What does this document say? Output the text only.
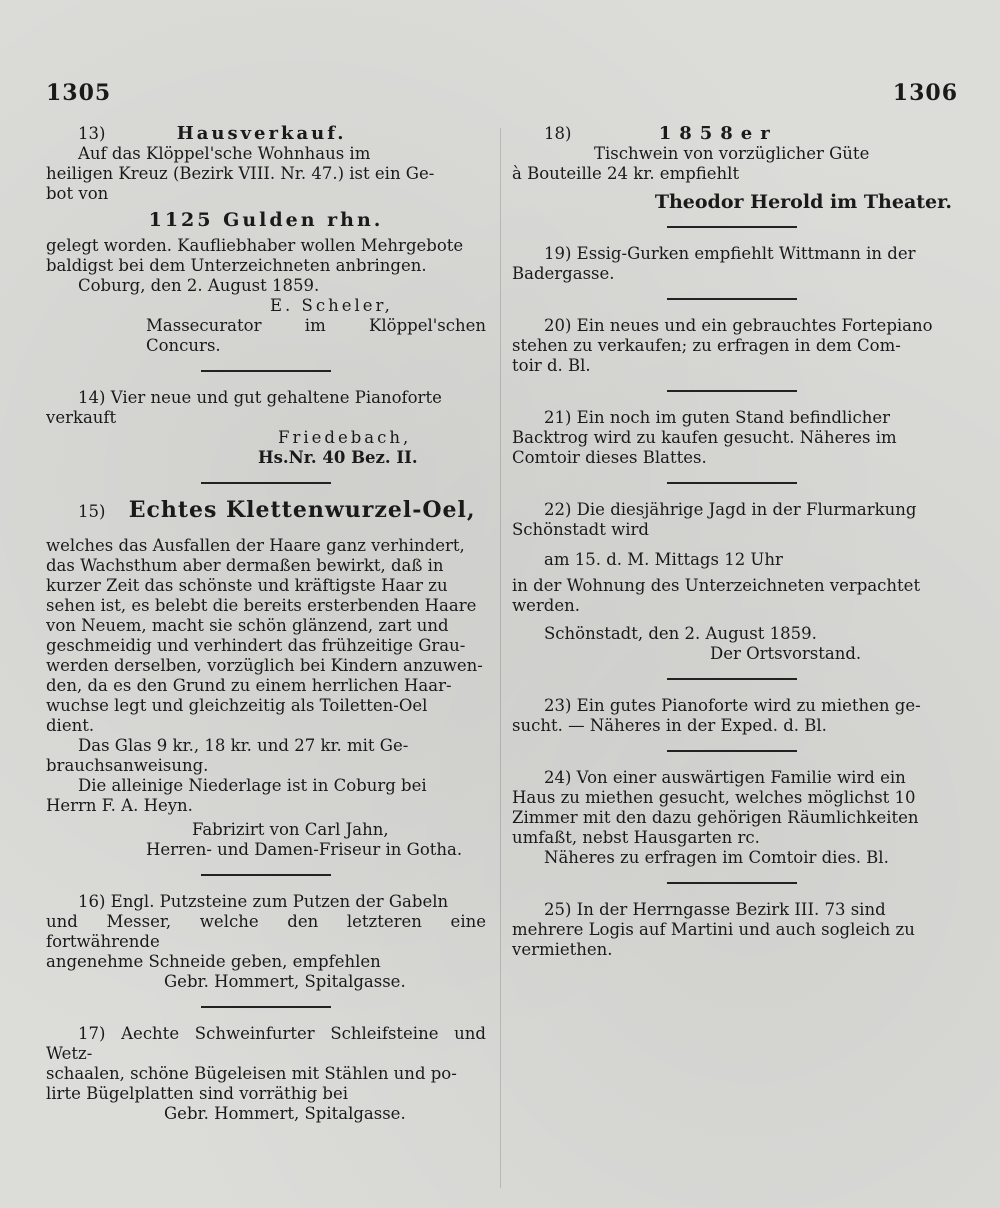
1305	1306

13)	Hausverkauf.

Auf das Klöppel'sche Wohnhaus im

heiligen Kreuz (Bezirk VIII. Nr. 47.) ist ein Ge-

bot von

1125 Gulden rhn.

gelegt worden. Kaufliebhaber wollen Mehrgebote

baldigst bei dem Unterzeichneten anbringen.

Coburg, den 2. August 1859.

E. Scheler,

Massecurator im Klöppel'schen Concurs.

14) Vier neue und gut gehaltene Pianoforte

verkauft

Friedebach,

Hs.Nr. 40 Bez. II.

15) Echtes Klettenwurzel-Oel,

welches das Ausfallen der Haare ganz verhindert,

das Wachsthum aber dermaßen bewirkt, daß in

kurzer Zeit das schönste und kräftigste Haar zu

sehen ist, es belebt die bereits ersterbenden Haare

von Neuem, macht sie schön glänzend, zart und

geschmeidig und verhindert das frühzeitige Grau-

werden derselben, vorzüglich bei Kindern anzuwen-

den, da es den Grund zu einem herrlichen Haar-

wuchse legt und gleichzeitig als Toiletten-Oel

dient.

Das Glas 9 kr., 18 kr. und 27 kr. mit Ge-

brauchsanweisung.

Die alleinige Niederlage ist in Coburg bei

Herrn F. A. Heyn.

Fabrizirt von Carl Jahn,

Herren- und Damen-Friseur in Gotha.

16) Engl. Putzsteine zum Putzen der Gabeln

und Messer, welche den letzteren eine fortwährende

angenehme Schneide geben, empfehlen

Gebr. Hommert, Spitalgasse.

17) Aechte Schweinfurter Schleifsteine und Wetz-

schaalen, schöne Bügeleisen mit Stählen und po-

lirte Bügelplatten sind vorräthig bei

Gebr. Hommert, Spitalgasse.

18)	1858er

Tischwein von vorzüglicher Güte

à Bouteille 24 kr. empfiehlt

Theodor Herold im Theater.

19) Essig-Gurken empfiehlt Wittmann in der

Badergasse.

20) Ein neues und ein gebrauchtes Fortepiano

stehen zu verkaufen; zu erfragen in dem Com-

toir d. Bl.

21) Ein noch im guten Stand befindlicher

Backtrog wird zu kaufen gesucht. Näheres im

Comtoir dieses Blattes.

22) Die diesjährige Jagd in der Flurmarkung

Schönstadt wird

am 15. d. M. Mittags 12 Uhr

in der Wohnung des Unterzeichneten verpachtet

werden.

Schönstadt, den 2. August 1859.

Der Ortsvorstand.

23) Ein gutes Pianoforte wird zu miethen ge-

sucht. — Näheres in der Exped. d. Bl.

24) Von einer auswärtigen Familie wird ein

Haus zu miethen gesucht, welches möglichst 10

Zimmer mit den dazu gehörigen Räumlichkeiten

umfaßt, nebst Hausgarten rc.

Näheres zu erfragen im Comtoir dies. Bl.

25) In der Herrngasse Bezirk III. 73 sind

mehrere Logis auf Martini und auch sogleich zu

vermiethen.
